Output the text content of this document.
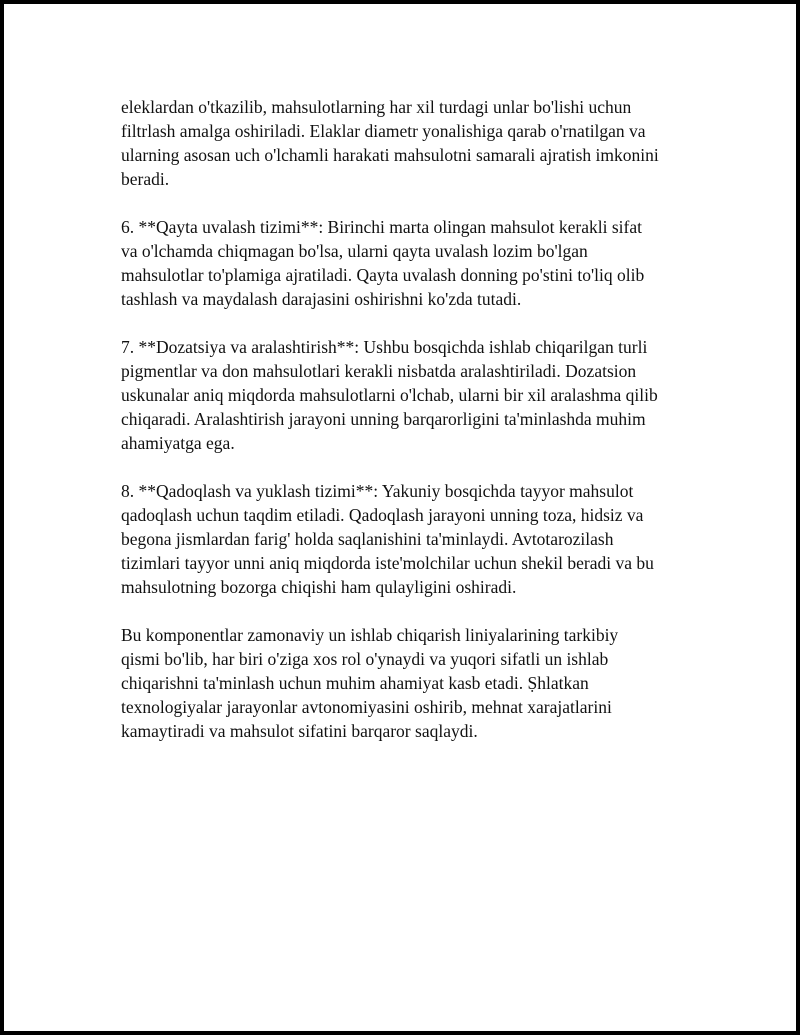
eleklardan o'tkazilib, mahsulotlarning har xil turdagi unlar bo'lishi uchun
filtrlash amalga oshiriladi. Elaklar diametr yonalishiga qarab o'rnatilgan va
ularning asosan uch o'lchamli harakati mahsulotni samarali ajratish imkonini
beradi.

6. **Qayta uvalash tizimi**: Birinchi marta olingan mahsulot kerakli sifat
va o'lchamda chiqmagan bo'lsa, ularni qayta uvalash lozim bo'lgan
mahsulotlar to'plamiga ajratiladi. Qayta uvalash donning po'stini to'liq olib
tashlash va maydalash darajasini oshirishni ko'zda tutadi.

7. **Dozatsiya va aralashtirish**: Ushbu bosqichda ishlab chiqarilgan turli
pigmentlar va don mahsulotlari kerakli nisbatda aralashtiriladi. Dozatsion
uskunalar aniq miqdorda mahsulotlarni o'lchab, ularni bir xil aralashma qilib
chiqaradi. Aralashtirish jarayoni unning barqarorligini ta'minlashda muhim
ahamiyatga ega.

8. **Qadoqlash va yuklash tizimi**: Yakuniy bosqichda tayyor mahsulot
qadoqlash uchun taqdim etiladi. Qadoqlash jarayoni unning toza, hidsiz va
begona jismlardan farig' holda saqlanishini ta'minlaydi. Avtotarozilash
tizimlari tayyor unni aniq miqdorda iste'molchilar uchun shekil beradi va bu
mahsulotning bozorga chiqishi ham qulayligini oshiradi.

Bu komponentlar zamonaviy un ishlab chiqarish liniyalarining tarkibiy
qismi bo'lib, har biri o'ziga xos rol o'ynaydi va yuqori sifatli un ishlab
chiqarishni ta'minlash uchun muhim ahamiyat kasb etadi. Ṣhlatkan
texnologiyalar jarayonlar avtonomiyasini oshirib, mehnat xarajatlarini
kamaytiradi va mahsulot sifatini barqaror saqlaydi.
